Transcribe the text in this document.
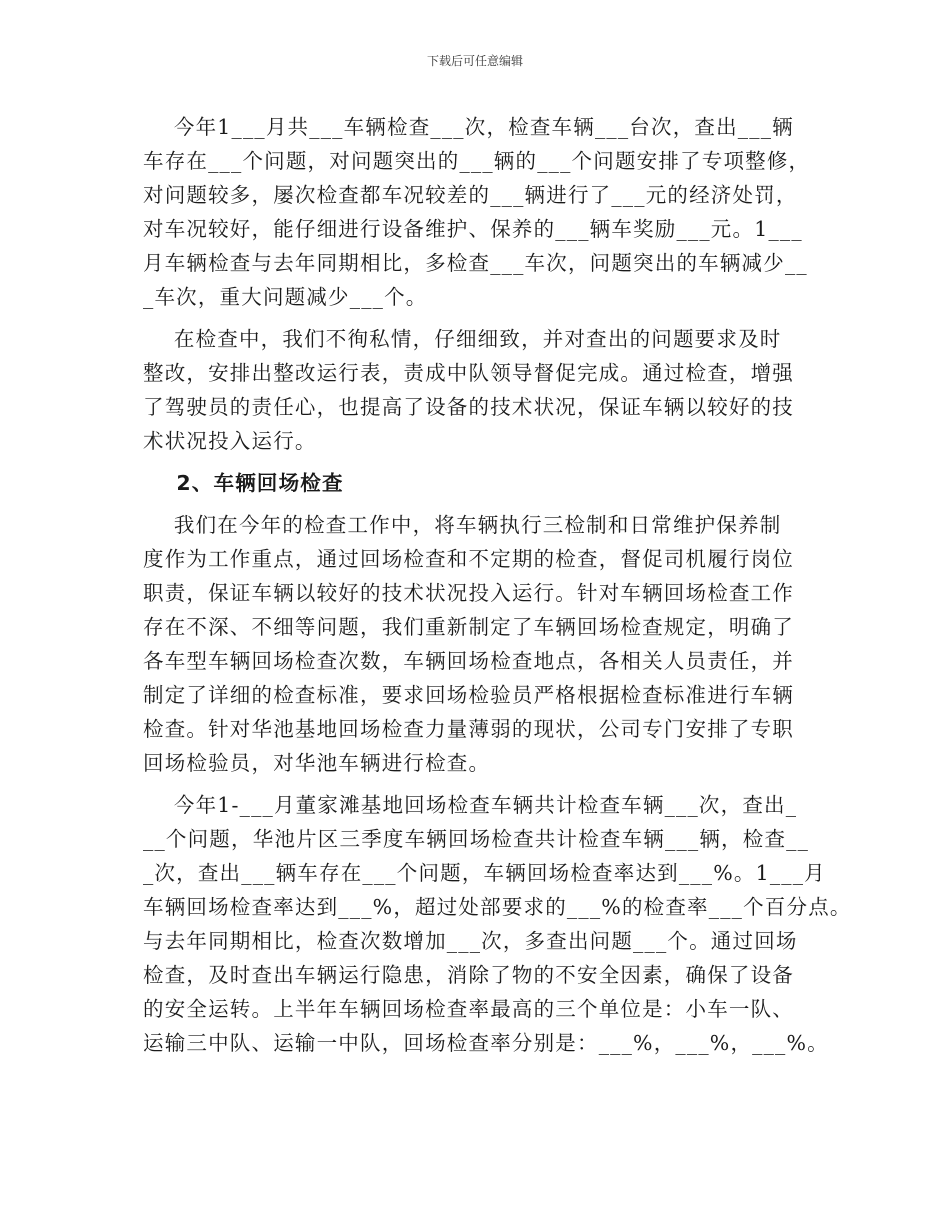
下载后可任意编辑
今年1___月共___车辆检查___次，检查车辆___台次，查出___辆
车存在___个问题，对问题突出的___辆的___个问题安排了专项整修，
对问题较多，屡次检查都车况较差的___辆进行了___元的经济处罚，
对车况较好，能仔细进行设备维护、保养的___辆车奖励___元。1___
月车辆检查与去年同期相比，多检查___车次，问题突出的车辆减少__
_车次，重大问题减少___个。
在检查中，我们不徇私情，仔细细致，并对查出的问题要求及时
整改，安排出整改运行表，责成中队领导督促完成。通过检查，增强
了驾驶员的责任心，也提高了设备的技术状况，保证车辆以较好的技
术状况投入运行。
2、车辆回场检查
我们在今年的检查工作中，将车辆执行三检制和日常维护保养制
度作为工作重点，通过回场检查和不定期的检查，督促司机履行岗位
职责，保证车辆以较好的技术状况投入运行。针对车辆回场检查工作
存在不深、不细等问题，我们重新制定了车辆回场检查规定，明确了
各车型车辆回场检查次数，车辆回场检查地点，各相关人员责任，并
制定了详细的检查标准，要求回场检验员严格根据检查标准进行车辆
检查。针对华池基地回场检查力量薄弱的现状，公司专门安排了专职
回场检验员，对华池车辆进行检查。
今年1-___月董家滩基地回场检查车辆共计检查车辆___次，查出_
__个问题，华池片区三季度车辆回场检查共计检查车辆___辆，检查__
_次，查出___辆车存在___个问题，车辆回场检查率达到___%。1___月
车辆回场检查率达到___%，超过处部要求的___%的检查率___个百分点。
与去年同期相比，检查次数增加___次，多查出问题___个。通过回场
检查，及时查出车辆运行隐患，消除了物的不安全因素，确保了设备
的安全运转。上半年车辆回场检查率最高的三个单位是：小车一队、
运输三中队、运输一中队，回场检查率分别是：___%，___%，___%。
